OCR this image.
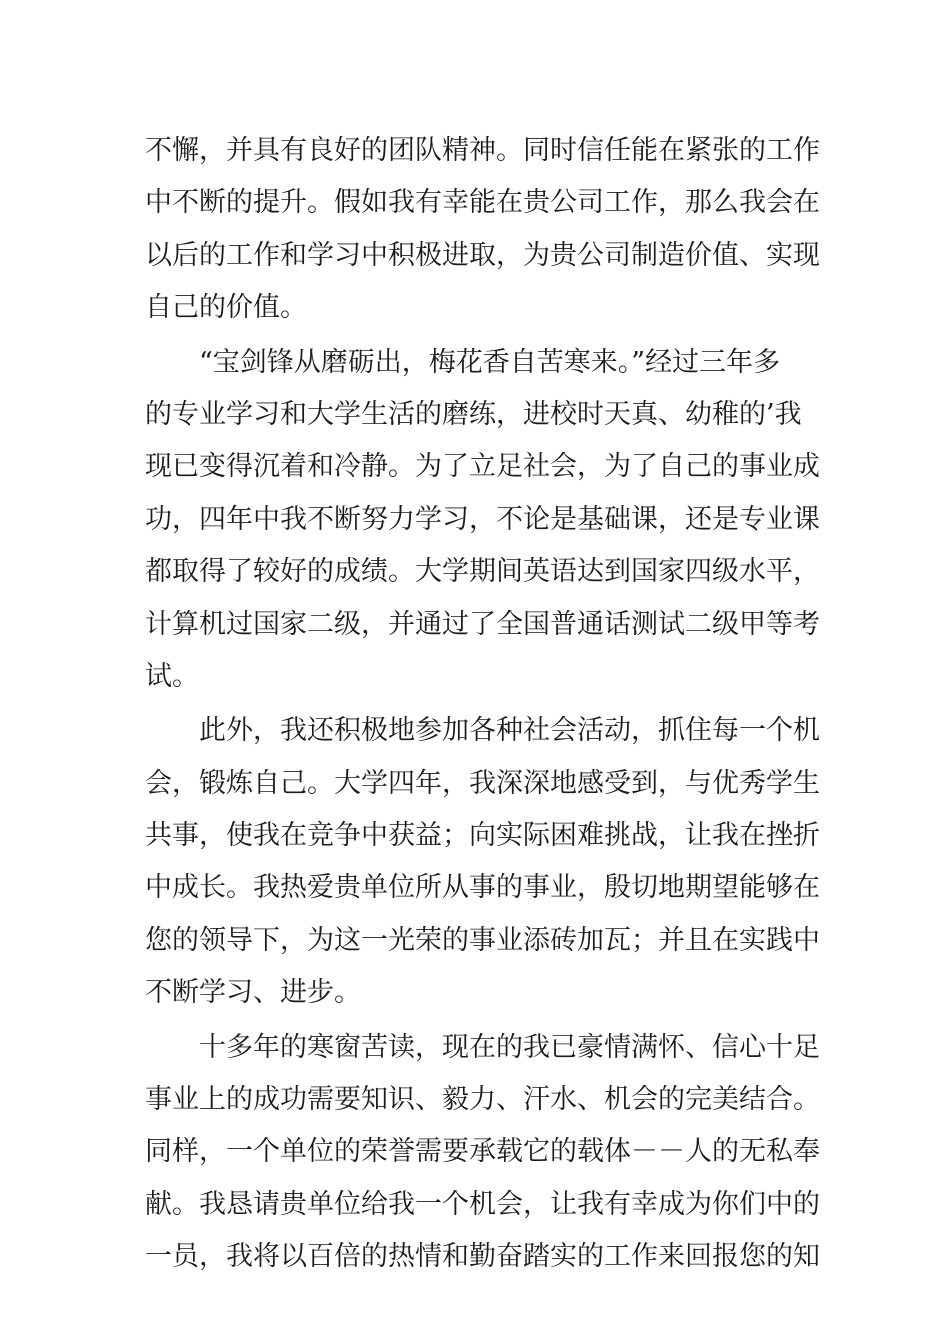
不懈，并具有良好的团队精神。同时信任能在紧张的工作
中不断的提升。假如我有幸能在贵公司工作，那么我会在
以后的工作和学习中积极进取，为贵公司制造价值、实现
自己的价值。
“宝剑锋从磨砺出，梅花香自苦寒来。”经过三年多
的专业学习和大学生活的磨练，进校时天真、幼稚的’我
现已变得沉着和冷静。为了立足社会，为了自己的事业成
功，四年中我不断努力学习，不论是基础课，还是专业课
都取得了较好的成绩。大学期间英语达到国家四级水平，
计算机过国家二级，并通过了全国普通话测试二级甲等考
试。
此外，我还积极地参加各种社会活动，抓住每一个机
会，锻炼自己。大学四年，我深深地感受到，与优秀学生
共事，使我在竞争中获益；向实际困难挑战，让我在挫折
中成长。我热爱贵单位所从事的事业，殷切地期望能够在
您的领导下，为这一光荣的事业添砖加瓦；并且在实践中
不断学习、进步。
十多年的寒窗苦读，现在的我已豪情满怀、信心十足
事业上的成功需要知识、毅力、汗水、机会的完美结合。
同样，一个单位的荣誉需要承载它的载体－－人的无私奉
献。我恳请贵单位给我一个机会，让我有幸成为你们中的
一员，我将以百倍的热情和勤奋踏实的工作来回报您的知
